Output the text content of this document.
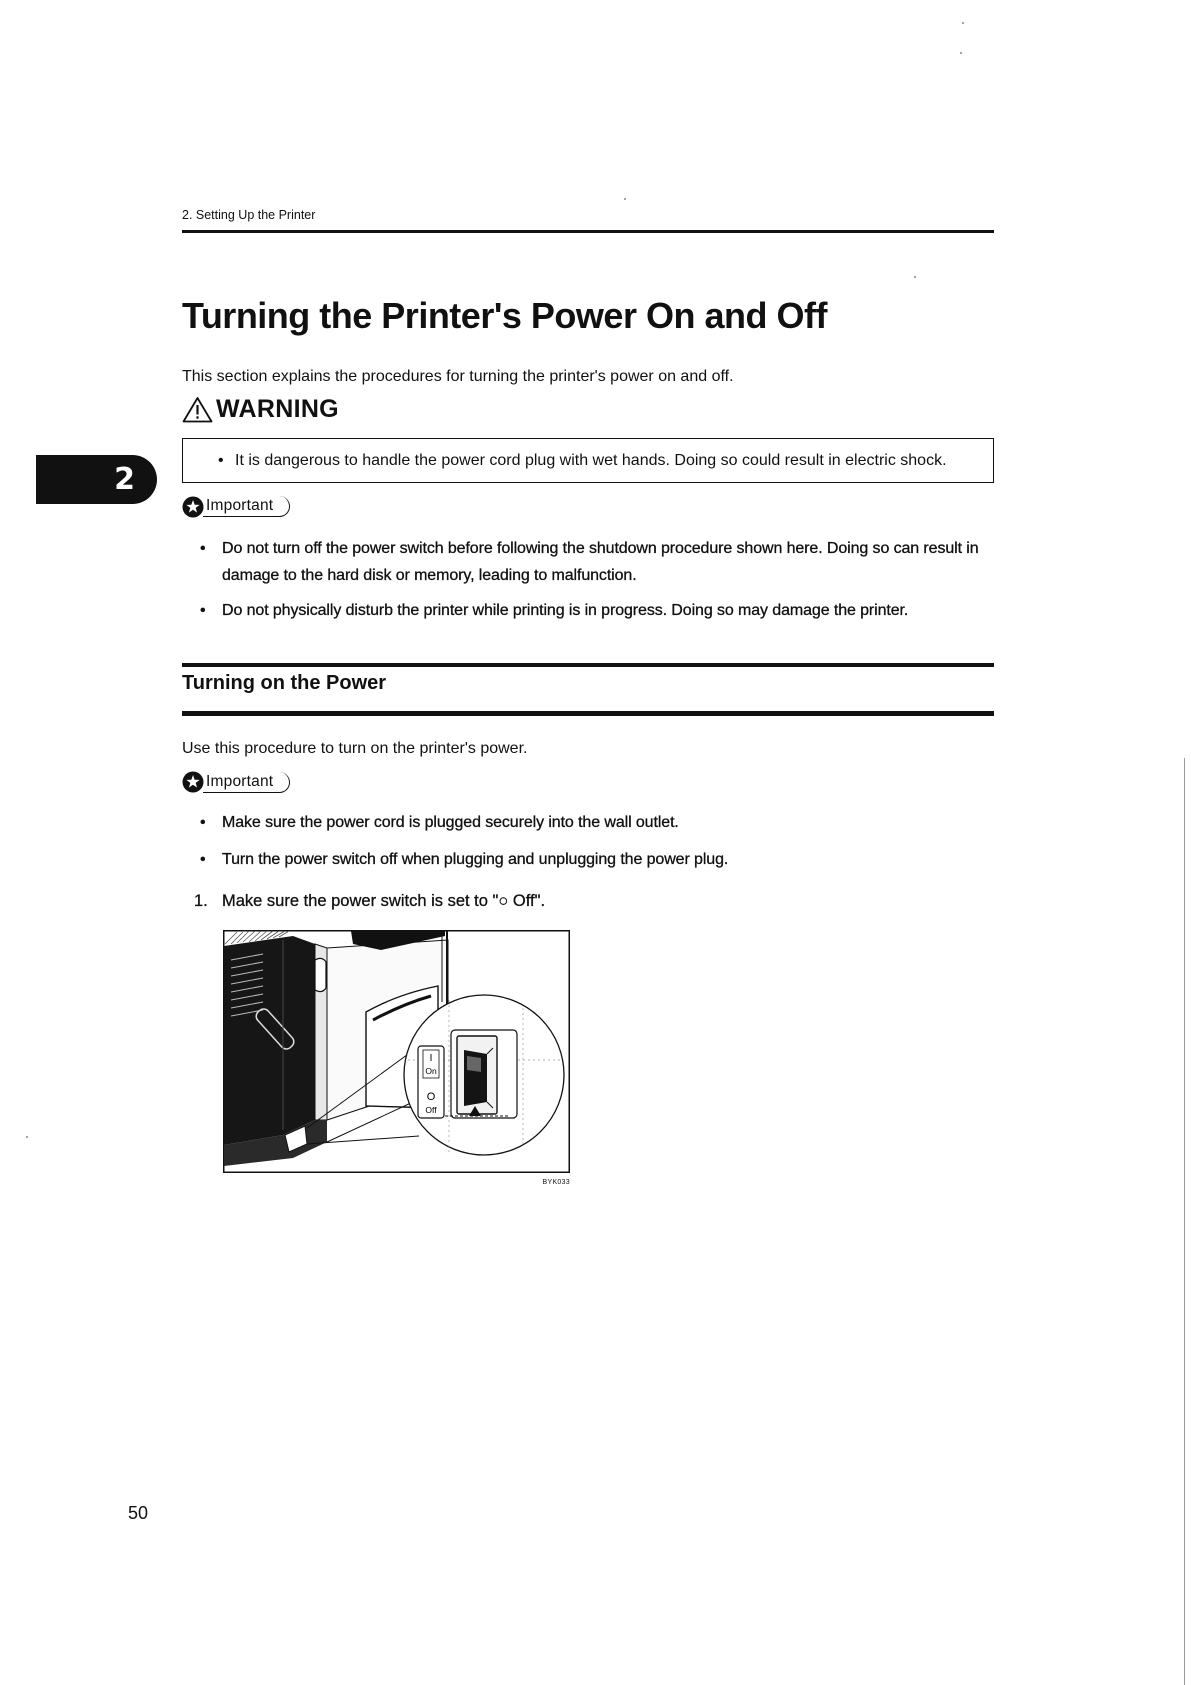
2
2. Setting Up the Printer
Turning the Printer's Power On and Off
This section explains the procedures for turning the printer's power on and off.
WARNING
• It is dangerous to handle the power cord plug with wet hands. Doing so could result in electric shock.
Important
• Do not turn off the power switch before following the shutdown procedure shown here. Doing so can result in damage to the hard disk or memory, leading to malfunction.
• Do not physically disturb the printer while printing is in progress. Doing so may damage the printer.
Turning on the Power
Use this procedure to turn on the printer's power.
Important
• Make sure the power cord is plugged securely into the wall outlet.
• Turn the power switch off when plugging and unplugging the power plug.
1. Make sure the power switch is set to "○ Off".
I
On
O
Off
BYK033
50
